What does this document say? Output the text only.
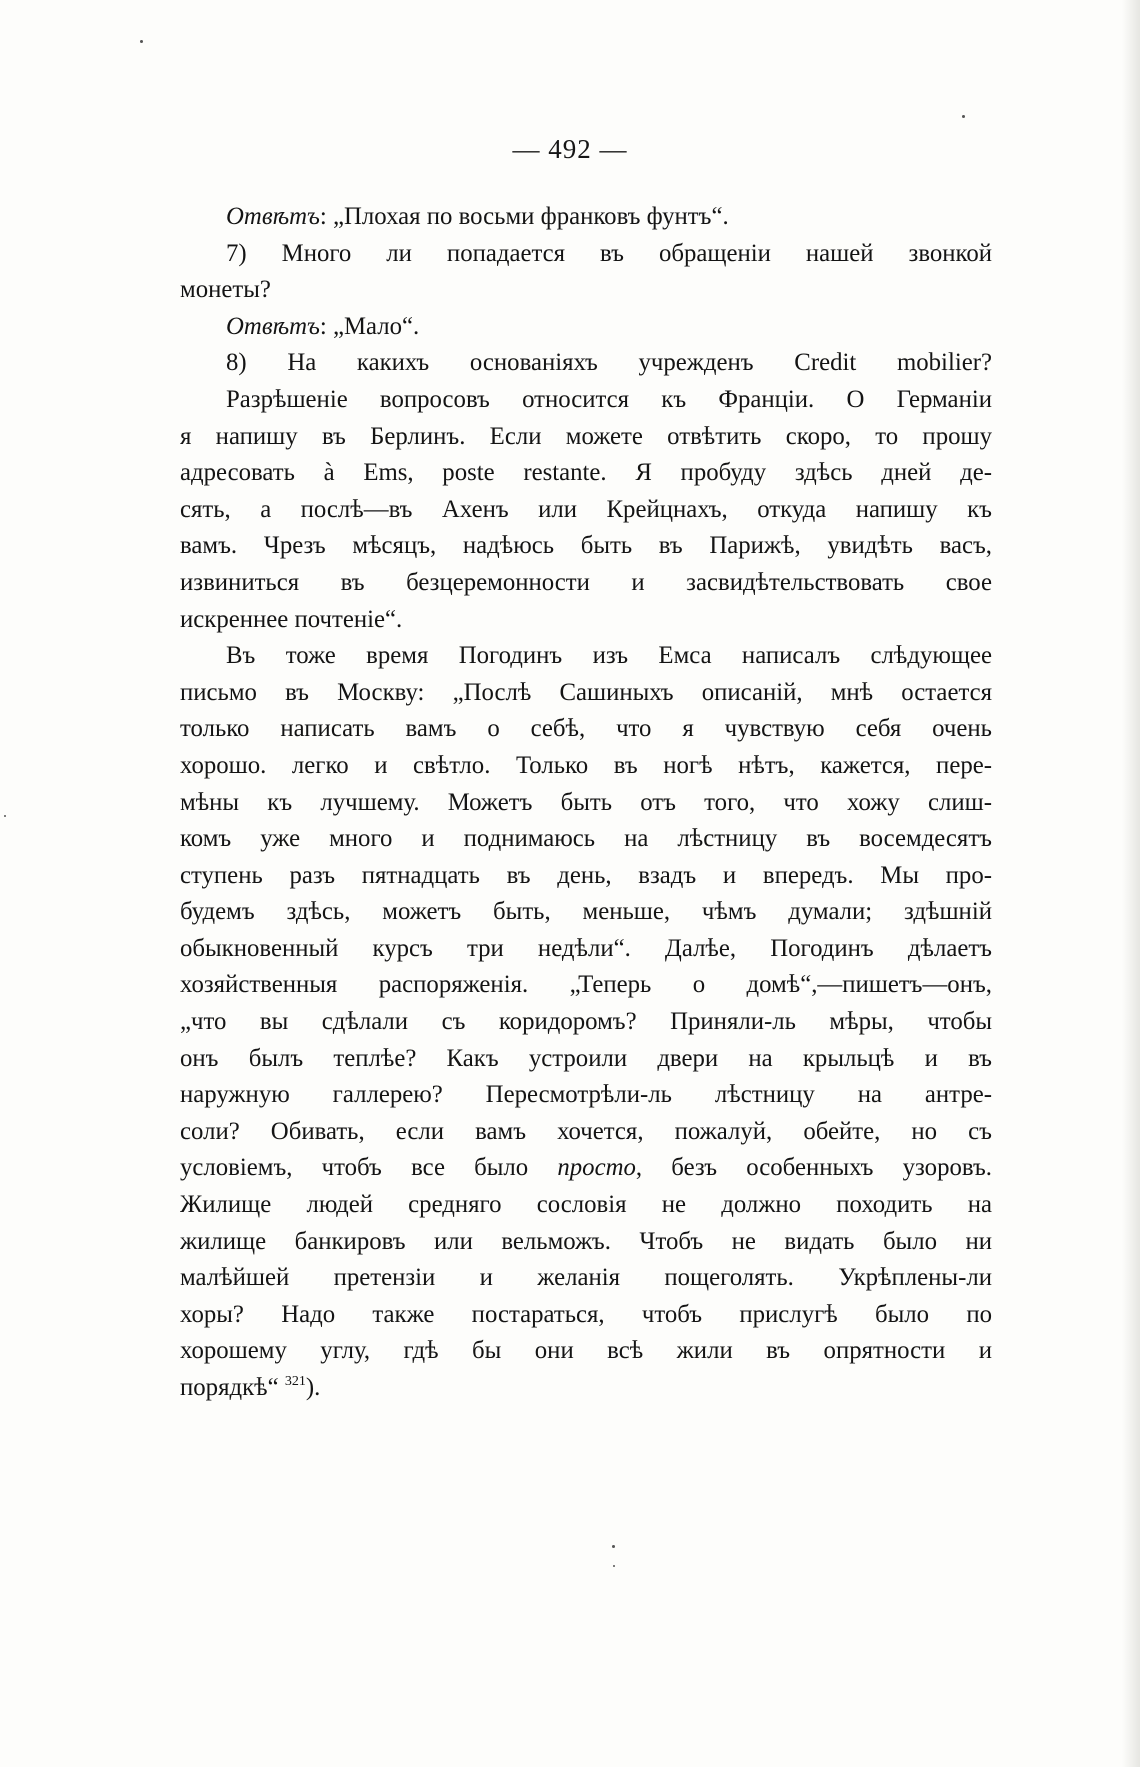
— 492 —
Отвѣтъ: „Плохая по восьми франковъ фунтъ“.
7) Много ли попадается въ обращеніи нашей звонкой
монеты?
Отвѣтъ: „Мало“.
8) На какихъ основаніяхъ учрежденъ Credit mobilier?
Разрѣшеніе вопросовъ относится къ Франціи. О Германіи
я напишу въ Берлинъ. Если можете отвѣтить скоро, то прошу
адресовать à Ems, poste restante. Я пробуду здѣсь дней де-
сять, а послѣ—въ Ахенъ или Крейцнахъ, откуда напишу къ
вамъ. Чрезъ мѣсяцъ, надѣюсь быть въ Парижѣ, увидѣть васъ,
извиниться въ безцеремонности и засвидѣтельствовать свое
искреннее почтеніе“.
Въ тоже время Погодинъ изъ Емса написалъ слѣдующее
письмо въ Москву: „Послѣ Сашиныхъ описаній, мнѣ остается
только написать вамъ о себѣ, что я чувствую себя очень
хорошо. легко и свѣтло. Только въ ногѣ нѣтъ, кажется, пере-
мѣны къ лучшему. Можетъ быть отъ того, что хожу слиш-
комъ уже много и поднимаюсь на лѣстницу въ восемдесятъ
ступень разъ пятнадцать въ день, взадъ и впередъ. Мы про-
будемъ здѣсь, можетъ быть, меньше, чѣмъ думали; здѣшній
обыкновенный курсъ три недѣли“. Далѣе, Погодинъ дѣлаетъ
хозяйственныя распоряженія. „Теперь о домѣ“,—пишетъ—онъ,
„что вы сдѣлали съ коридоромъ? Приняли-ль мѣры, чтобы
онъ былъ теплѣе? Какъ устроили двери на крыльцѣ и въ
наружную галлерею? Пересмотрѣли-ль лѣстницу на антре-
соли? Обивать, если вамъ хочется, пожалуй, обейте, но съ
условіемъ, чтобъ все было просто, безъ особенныхъ узоровъ.
Жилище людей средняго сословія не должно походить на
жилище банкировъ или вельможъ. Чтобъ не видать было ни
малѣйшей претензіи и желанія пощеголять. Укрѣплены-ли
хоры? Надо также постараться, чтобъ прислугѣ было по
хорошему углу, гдѣ бы они всѣ жили въ опрятности и
порядкѣ“ $^{321}$).
